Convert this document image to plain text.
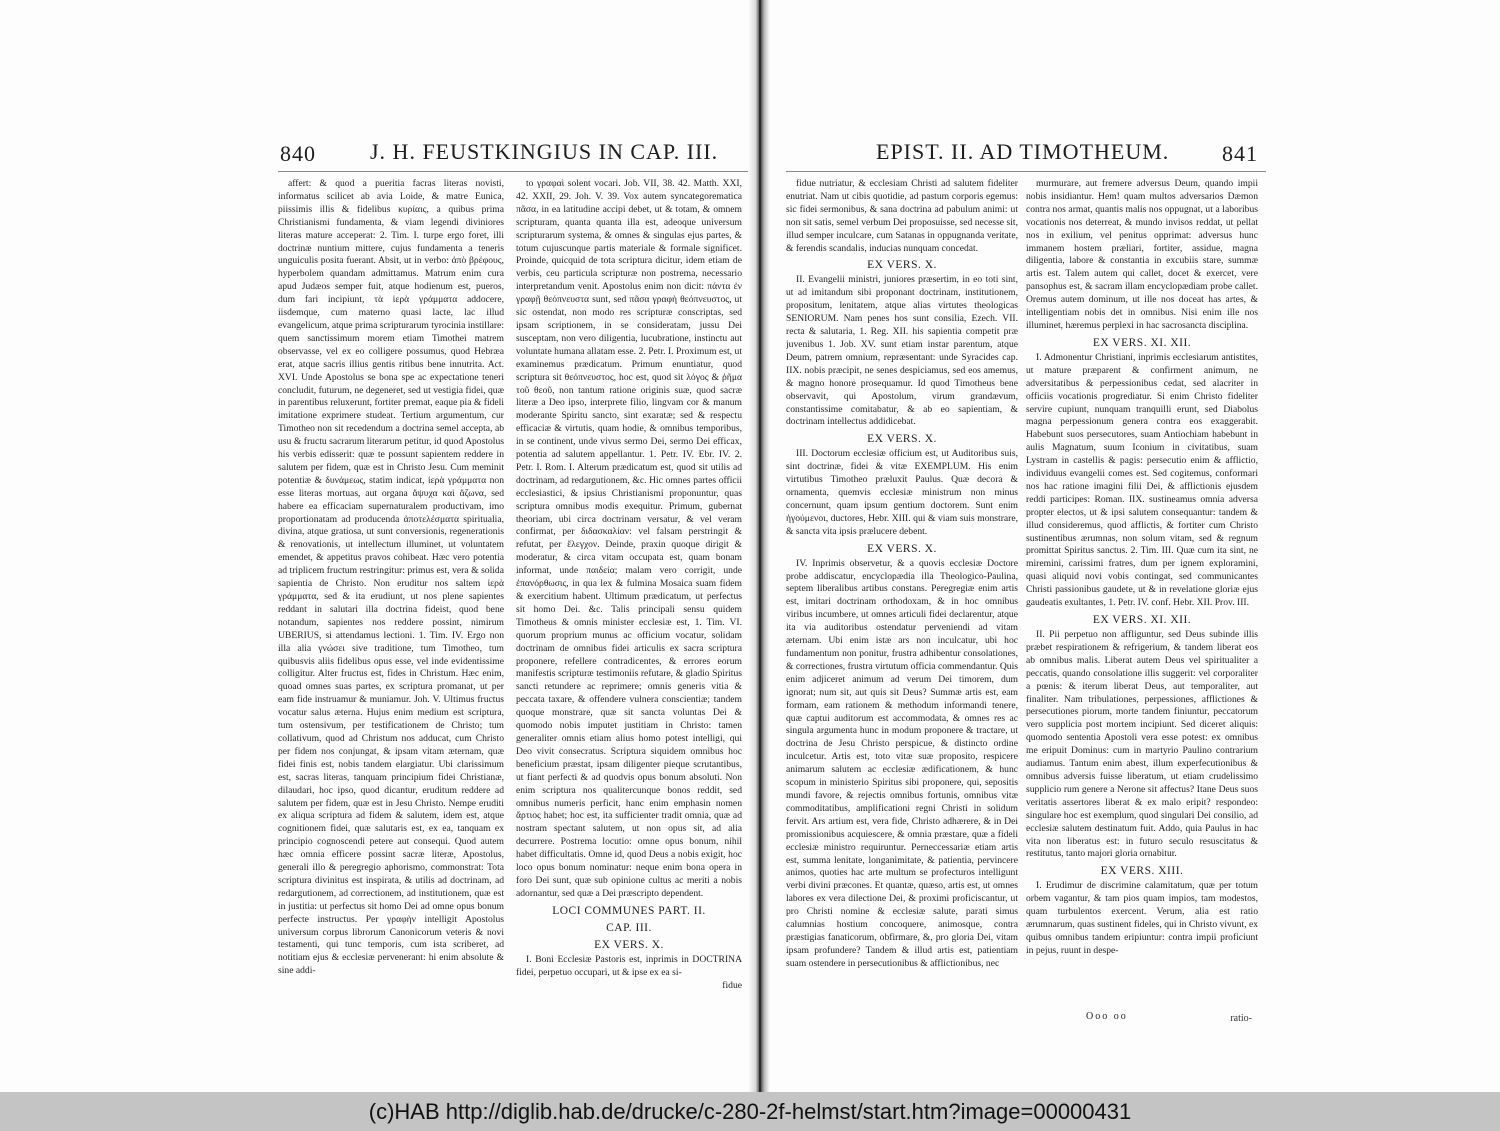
840 J. H. FEUSTKINGIUS IN CAP. III.

affert: & quod a pueritia facras literas novisti, informatus scilicet ab avia Loide, & matre Eunica, piissimis illis & fidelibus κυρίαις, a quibus prima Christianismi fundamenta, & viam legendi diviniores literas mature acceperat: 2. Tim. I. turpe ergo foret, illi doctrinæ nuntium mittere, cujus fundamenta a teneris unguiculis posita fuerant. Absit, ut in verbo: ἀπὸ βρέφους, hyperbolem quandam admittamus. Matrum enim cura apud Judæos semper fuit, atque hodienum est, pueros, dum fari incipiunt, τὰ ἱερὰ γράμματα addocere, iisdemque, cum materno quasi lacte, lac illud evangelicum, atque prima scripturarum tyrocinia instillare: quem sanctissimum morem etiam Timothei matrem observasse, vel ex eo colligere possumus, quod Hebræa erat, atque sacris illius gentis ritibus bene innutrita. Act. XVI. Unde Apostolus se bona spe ac expectatione teneri concludit, futurum, ne degeneret, sed ut vestigia fidei, quæ in parentibus reluxerunt, fortiter premat, eaque pia & fideli imitatione exprimere studeat. Tertium argumentum, cur Timotheo non sit recedendum a doctrina semel accepta, ab usu & fructu sacrarum literarum petitur, id quod Apostolus his verbis edisserit: quæ te possunt sapientem reddere in salutem per fidem, quæ est in Christo Jesu. Cum meminit potentiæ & δυνάμεως, statim indicat, ἱερὰ γράμματα non esse literas mortuas, aut organa ἄψυχα καὶ ἄζωνα, sed habere ea efficaciam supernaturalem productivam, imo proportionatam ad producenda ἀποτελέσματα spiritualia, divina, atque gratiosa, ut sunt conversionis, regenerationis & renovationis, ut intellectum illuminet, ut voluntatem emendet, & appetitus pravos cohibeat. Hæc vero potentia ad triplicem fructum restringitur: primus est, vera & solida sapientia de Christo. Non eruditur nos saltem ἱερὰ γράμματα, sed & ita erudiunt, ut nos plene sapientes reddant in salutari illa doctrina fideist, quod bene notandum, sapientes nos reddere possint, nimirum UBERIUS, si attendamus lectioni. 1. Tim. IV. Ergo non illa alia γνώσει sive traditione, tum Timotheo, tum quibusvis aliis fidelibus opus esse, vel inde evidentissime colligitur. Alter fructus est, fides in Christum. Hæc enim, quoad omnes suas partes, ex scriptura promanat, ut per eam fide instruamur & muniamur. Joh. V. Ultimus fructus vocatur salus æterna. Hujus enim medium est scriptura, tum ostensivum, per testificationem de Christo; tum collativum, quod ad Christum nos adducat, cum Christo per fidem nos conjungat, & ipsam vitam æternam, quæ fidei finis est, nobis tandem elargiatur. Ubi clarissimum est, sacras literas, tanquam principium fidei Christianæ, dilaudari, hoc ipso, quod dicantur, eruditum reddere ad salutem per fidem, quæ est in Jesu Christo. Nempe eruditi ex aliqua scriptura ad fidem & salutem, idem est, atque cognitionem fidei, quæ salutaris est, ex ea, tanquam ex principio cognoscendi petere aut consequi. Quod autem hæc omnia efficere possint sacræ literæ, Apostolus, generali illo & peregregio aphorismo, commonstrat: Tota scriptura divinitus est inspirata, & utilis ad doctrinam, ad redargutionem, ad correctionem, ad institutionem, quæ est in justitia: ut perfectus sit homo Dei ad omne opus bonum perfecte instructus. Per γραφὴν intelligit Apostolus universum corpus librorum Canonicorum veteris & novi testamenti, qui tunc temporis, cum ista scriberet, ad notitiam ejus & ecclesiæ pervenerant: hi enim absolute & sine addi-

to γραφαὶ solent vocari. Job. VII, 38. 42. Matth. XXI, 42. XXII, 29. Joh. V. 39. Vox autem syncategorematica πᾶσα, in ea latitudine accipi debet, ut & totam, & omnem scripturam, quanta quanta illa est, adeoque universum scripturarum systema, & omnes & singulas ejus partes, & totum cujuscunque partis materiale & formale significet. Proinde, quicquid de tota scriptura dicitur, idem etiam de verbis, ceu particula scripturæ non postrema, necessario interpretandum venit. Apostolus enim non dicit: πάντα ἐν γραφῇ θεόπνευστα sunt, sed πᾶσα γραφὴ θεόπνευστος, ut sic ostendat, non modo res scripturæ conscriptas, sed ipsam scriptionem, in se consideratam, jussu Dei susceptam, non vero diligentia, lucubratione, instinctu aut voluntate humana allatam esse. 2. Petr. I. Proximum est, ut examinemus prædicatum. Primum enuntiatur, quod scriptura sit θεόπνευστος, hoc est, quod sit λόγος & ῥῆμα τοῦ θεοῦ, non tantum ratione originis suæ, quod sacræ literæ a Deo ipso, interprete filio, lingvam cor & manum moderante Spiritu sancto, sint exaratæ; sed & respectu efficaciæ & virtutis, quam hodie, & omnibus temporibus, in se continent, unde vivus sermo Dei, sermo Dei efficax, potentia ad salutem appellantur. 1. Petr. IV. Ebr. IV. 2. Petr. I. Rom. I. Alterum prædicatum est, quod sit utilis ad doctrinam, ad redargutionem, &c. Hic omnes partes officii ecclesiastici, & ipsius Christianismi proponuntur, quas scriptura omnibus modis exequitur. Primum, gubernat theoriam, ubi circa doctrinam versatur, & vel veram confirmat, per διδασκαλίαν: vel falsam perstringit & refutat, per ἔλεγχον. Deinde, praxin quoque dirigit & moderatur, & circa vitam occupata est, quam bonam informat, unde παιδεία; malam vero corrigit, unde ἐπανόρθωσις, in qua lex & fulmina Mosaica suam fidem & exercitium habent. Ultimum prædicatum, ut perfectus sit homo Dei. &c. Talis principali sensu quidem Timotheus & omnis minister ecclesiæ est, 1. Tim. VI. quorum proprium munus ac officium vocatur, solidam doctrinam de omnibus fidei articulis ex sacra scriptura proponere, refellere contradicentes, & errores eorum manifestis scripturæ testimoniis refutare, & gladio Spiritus sancti retundere ac reprimere; omnis generis vitia & peccata taxare, & offendere vulnera conscientiæ; tandem quoque monstrare, quæ sit sancta voluntas Dei & quomodo nobis imputet justitiam in Christo: tamen generaliter omnis etiam alius homo potest intelligi, qui Deo vivit consecratus. Scriptura siquidem omnibus hoc beneficium præstat, ipsam diligenter pieque scrutantibus, ut fiant perfecti & ad quodvis opus bonum absoluti. Non enim scriptura nos qualitercunque bonos reddit, sed omnibus numeris perficit, hanc enim emphasin nomen ἄρτιος habet; hoc est, ita sufficienter tradit omnia, quæ ad nostram spectant salutem, ut non opus sit, ad alia decurrere. Postrema locutio: omne opus bonum, nihil habet difficultatis. Omne id, quod Deus a nobis exigit, hoc loco opus bonum nominatur: neque enim bona opera in foro Dei sunt, quæ sub opinione cultus ac meriti a nobis adornantur, sed quæ a Dei præscripto dependent.

LOCI COMMUNES PART. II.

CAP. III.

EX VERS. X.

I. Boni Ecclesiæ Pastoris est, inprimis in DOCTRINA fidei, perpetuo occupari, ut & ipse ex ea si-

fidue

EPIST. II. AD TIMOTHEUM. 841

fidue nutriatur, & ecclesiam Christi ad salutem fideliter enutriat. Nam ut cibis quotidie, ad pastum corporis egemus: sic fidei sermonibus, & sana doctrina ad pabulum animi: ut non sit satis, semel verbum Dei proposuisse, sed necesse sit, illud semper inculcare, cum Satanas in oppugnanda veritate, & ferendis scandalis, inducias nunquam concedat.

EX VERS. X.

II. Evangelii ministri, juniores præsertim, in eo toti sint, ut ad imitandum sibi proponant doctrinam, institutionem, propositum, lenitatem, atque alias virtutes theologicas SENIORUM. Nam penes hos sunt consilia, Ezech. VII. recta & salutaria, 1. Reg. XII. his sapientia competit præ juvenibus 1. Job. XV. sunt etiam instar parentum, atque Deum, patrem omnium, repræsentant: unde Syracides cap. IIX. nobis præcipit, ne senes despiciamus, sed eos amemus, & magno honore prosequamur. Id quod Timotheus bene observavit, qui Apostolum, virum grandævum, constantissime comitabatur, & ab eo sapientiam, & doctrinam intellectus addidicebat.

EX VERS. X.

III. Doctorum ecclesiæ officium est, ut Auditoribus suis, sint doctrinæ, fidei & vitæ EXEMPLUM. His enim virtutibus Timotheo præluxit Paulus. Quæ decora & ornamenta, quemvis ecclesiæ ministrum non minus concernunt, quam ipsum gentium doctorem. Sunt enim ἡγούμενοι, ductores, Hebr. XIII. qui & viam suis monstrare, & sancta vita ipsis prælucere debent.

EX VERS. X.

IV. Inprimis observetur, & a quovis ecclesiæ Doctore probe addiscatur, encyclopædia illa Theologico-Paulina, septem liberalibus artibus constans. Peregregiæ enim artis est, imitari doctrinam orthodoxam, & in hoc omnibus viribus incumbere, ut omnes articuli fidei declarentur, atque ita via auditoribus ostendatur perveniendi ad vitam æternam. Ubi enim istæ ars non inculcatur, ubi hoc fundamentum non ponitur, frustra adhibentur consolationes, & correctiones, frustra virtutum officia commendantur. Quis enim adjiceret animum ad verum Dei timorem, dum ignorat; num sit, aut quis sit Deus? Summæ artis est, eam formam, eam rationem & methodum informandi tenere, quæ captui auditorum est accommodata, & omnes res ac singula argumenta hunc in modum proponere & tractare, ut doctrina de Jesu Christo perspicue, & distincto ordine inculcetur. Artis est, toto vitæ suæ proposito, respicere animarum salutem ac ecclesiæ ædificationem, & hunc scopum in ministerio Spiritus sibi proponere, qui, sepositis mundi favore, & rejectis omnibus fortunis, omnibus vitæ commoditatibus, amplificationi regni Christi in solidum fervit. Ars artium est, vera fide, Christo adhærere, & in Dei promissionibus acquiescere, & omnia præstare, quæ a fideli ecclesiæ ministro requiruntur. Perneccessariæ etiam artis est, summa lenitate, longanimitate, & patientia, pervincere animos, quoties hac arte multum se profecturos intelligunt verbi divini præcones. Et quantæ, quæso, artis est, ut omnes labores ex vera dilectione Dei, & proximi proficiscantur, ut pro Christi nomine & ecclesiæ salute, parati simus calumnias hostium concoquere, animosque, contra præstigias fanaticorum, obfirmare, &, pro gloria Dei, vitam ipsam profundere? Tandem & illud artis est, patientiam suam ostendere in persecutionibus & afflictionibus, nec

murmurare, aut fremere adversus Deum, quando impii nobis insidiantur. Hem! quam multos adversarios Dæmon contra nos armat, quantis malis nos oppugnat, ut a laboribus vocationis nos deterreat, & mundo invisos reddat, ut pellat nos in exilium, vel penitus opprimat: adversus hunc immanem hostem præliari, fortiter, assidue, magna diligentia, labore & constantia in excubiis stare, summæ artis est. Talem autem qui callet, docet & exercet, vere pansophus est, & sacram illam encyclopædiam probe callet. Oremus autem dominum, ut ille nos doceat has artes, & intelligentiam nobis det in omnibus. Nisi enim ille nos illuminet, hæremus perplexi in hac sacrosancta disciplina.

EX VERS. XI. XII.

I. Admonentur Christiani, inprimis ecclesiarum antistites, ut mature præparent & confirment animum, ne adversitatibus & perpessionibus cedat, sed alacriter in officiis vocationis progrediatur. Si enim Christo fideliter servire cupiunt, nunquam tranquilli erunt, sed Diabolus magna perpessionum genera contra eos exaggerabit. Habebunt suos persecutores, suam Antiochiam habebunt in aulis Magnatum, suum Iconium in civitatibus, suam Lystram in castellis & pagis: persecutio enim & afflictio, individuus evangelii comes est. Sed cogitemus, conformari nos hac ratione imagini filii Dei, & afflictionis ejusdem reddi participes: Roman. IIX. sustineamus omnia adversa propter electos, ut & ipsi salutem consequantur: tandem & illud consideremus, quod afflictis, & fortiter cum Christo sustinentibus ærumnas, non solum vitam, sed & regnum promittat Spiritus sanctus. 2. Tim. III. Quæ cum ita sint, ne miremini, carissimi fratres, dum per ignem exploramini, quasi aliquid novi vobis contingat, sed communicantes Christi passionibus gaudete, ut & in revelatione gloriæ ejus gaudeatis exultantes, 1. Petr. IV. conf. Hebr. XII. Prov. III.

EX VERS. XI. XII.

II. Pii perpetuo non affliguntur, sed Deus subinde illis præbet respirationem & refrigerium, & tandem liberat eos ab omnibus malis. Liberat autem Deus vel spiritualiter a peccatis, quando consolatione illis suggerit: vel corporaliter a pœnis: & iterum liberat Deus, aut temporaliter, aut finaliter. Nam tribulationes, perpessiones, afflictiones & persecutiones piorum, morte tandem finiuntur, peccatorum vero supplicia post mortem incipiunt. Sed diceret aliquis: quomodo sententia Apostoli vera esse potest: ex omnibus me eripuit Dominus: cum in martyrio Paulino contrarium audiamus. Tantum enim abest, illum experfecutionibus & omnibus adversis fuisse liberatum, ut etiam crudelissimo supplicio rum genere a Nerone sit affectus? Itane Deus suos veritatis assertores liberat & ex malo eripit? respondeo: singulare hoc est exemplum, quod singulari Dei consilio, ad ecclesiæ salutem destinatum fuit. Addo, quia Paulus in hac vita non liberatus est: in futuro seculo resuscitatus & restitutus, tanto majori gloria ornabitur.

EX VERS. XIII.

I. Erudimur de discrimine calamitatum, quæ per totum orbem vagantur, & tam pios quam impios, tam modestos, quam turbulentos exercent. Verum, alia est ratio ærumnarum, quas sustinent fideles, qui in Christo vivunt, ex quibus omnibus tandem eripiuntur: contra impii proficiunt in pejus, ruunt in despe-

Ooo oo	ratio-
(c)HAB http://diglib.hab.de/drucke/c-280-2f-helmst/start.htm?image=00000431
